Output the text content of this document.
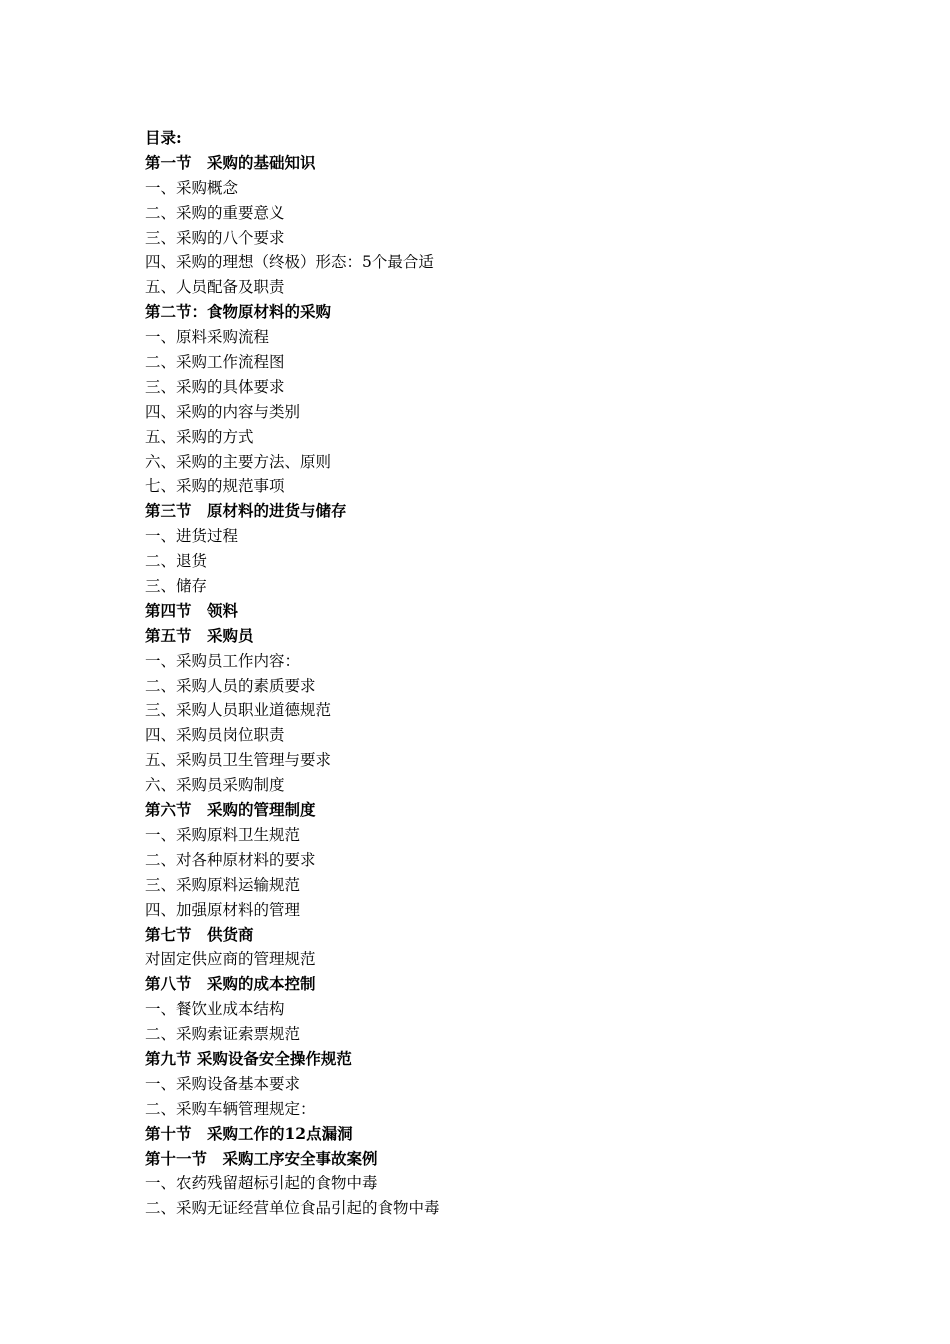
目录:
第一节　采购的基础知识
一、采购概念
二、采购的重要意义
三、采购的八个要求
四、采购的理想（终极）形态：5个最合适
五、人员配备及职责
第二节：食物原材料的采购
一、原料采购流程
二、采购工作流程图
三、采购的具体要求
四、采购的内容与类别
五、采购的方式
六、采购的主要方法、原则
七、采购的规范事项
第三节　原材料的进货与储存
一、进货过程
二、退货
三、储存
第四节　领料
第五节　采购员
一、采购员工作内容：
二、采购人员的素质要求
三、采购人员职业道德规范
四、采购员岗位职责
五、采购员卫生管理与要求
六、采购员采购制度
第六节　采购的管理制度
一、采购原料卫生规范
二、对各种原材料的要求
三、采购原料运输规范
四、加强原材料的管理
第七节　供货商
对固定供应商的管理规范
第八节　采购的成本控制
一、餐饮业成本结构
二、采购索证索票规范
第九节 采购设备安全操作规范
一、采购设备基本要求
二、采购车辆管理规定：
第十节　采购工作的12点漏洞
第十一节　采购工序安全事故案例
一、农药残留超标引起的食物中毒
二、采购无证经营单位食品引起的食物中毒
